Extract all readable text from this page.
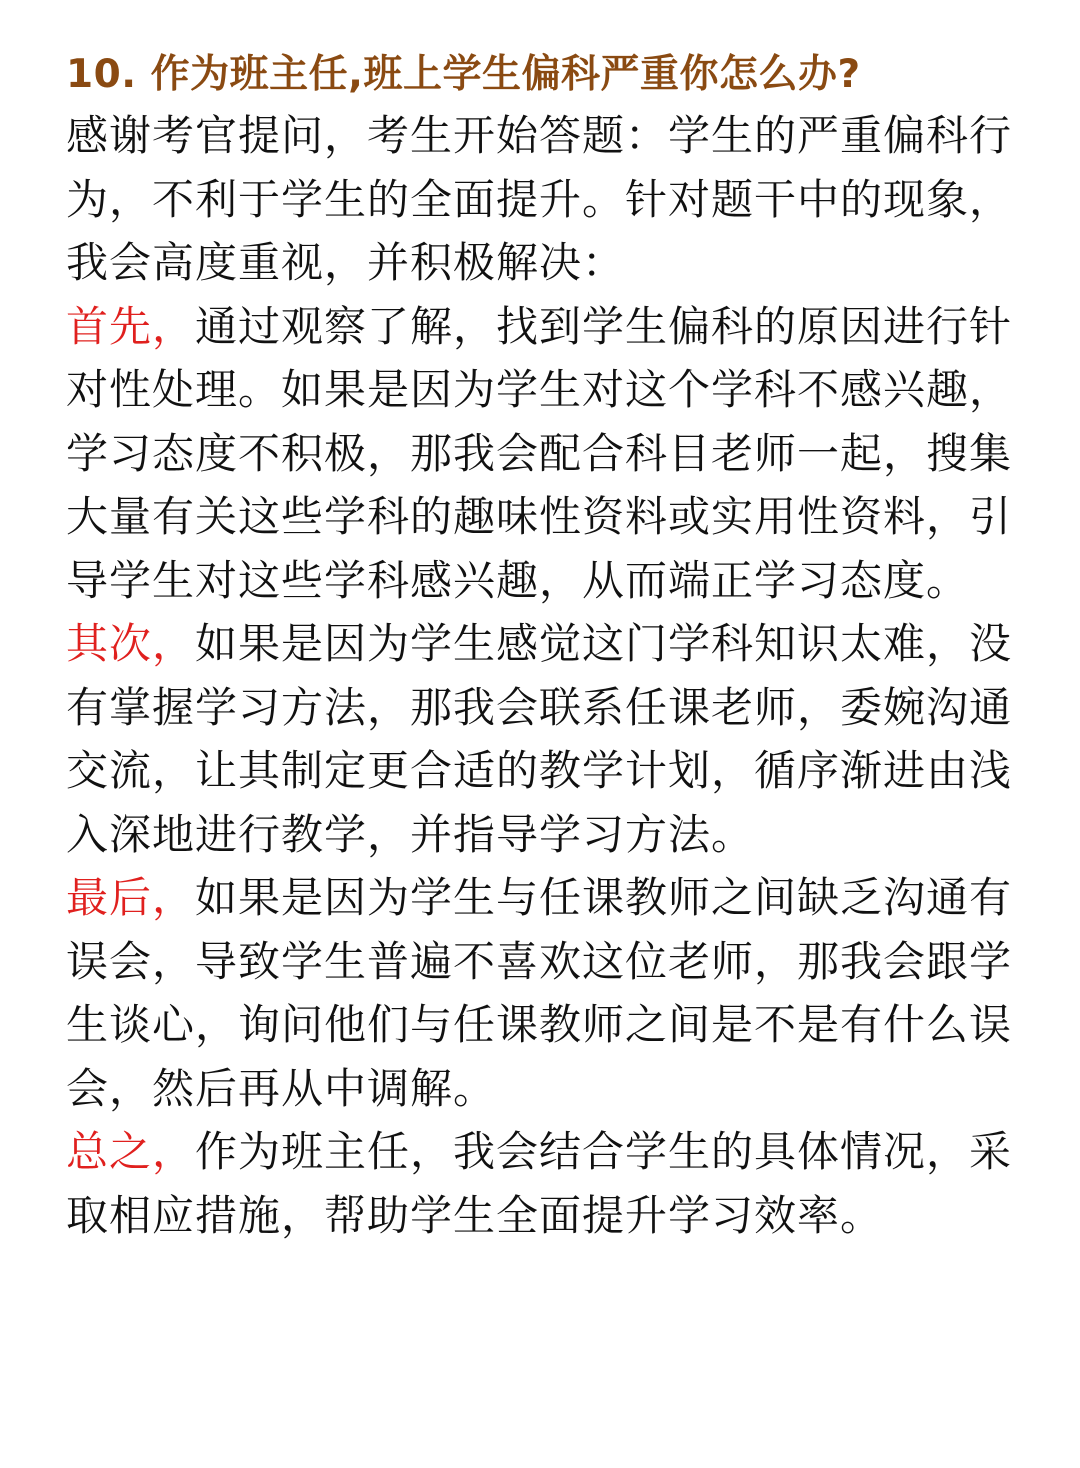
10. 作为班主任,班上学生偏科严重你怎么办?
感谢考官提问，考生开始答题：学生的严重偏科行为，不利于学生的全面提升。针对题干中的现象，我会高度重视，并积极解决：
首先，通过观察了解，找到学生偏科的原因进行针对性处理。如果是因为学生对这个学科不感兴趣，学习态度不积极，那我会配合科目老师一起，搜集大量有关这些学科的趣味性资料或实用性资料，引导学生对这些学科感兴趣，从而端正学习态度。
其次，如果是因为学生感觉这门学科知识太难，没有掌握学习方法，那我会联系任课老师，委婉沟通交流，让其制定更合适的教学计划，循序渐进由浅入深地进行教学，并指导学习方法。
最后，如果是因为学生与任课教师之间缺乏沟通有误会，导致学生普遍不喜欢这位老师，那我会跟学生谈心，询问他们与任课教师之间是不是有什么误会，然后再从中调解。
总之，作为班主任，我会结合学生的具体情况，采取相应措施，帮助学生全面提升学习效率。
